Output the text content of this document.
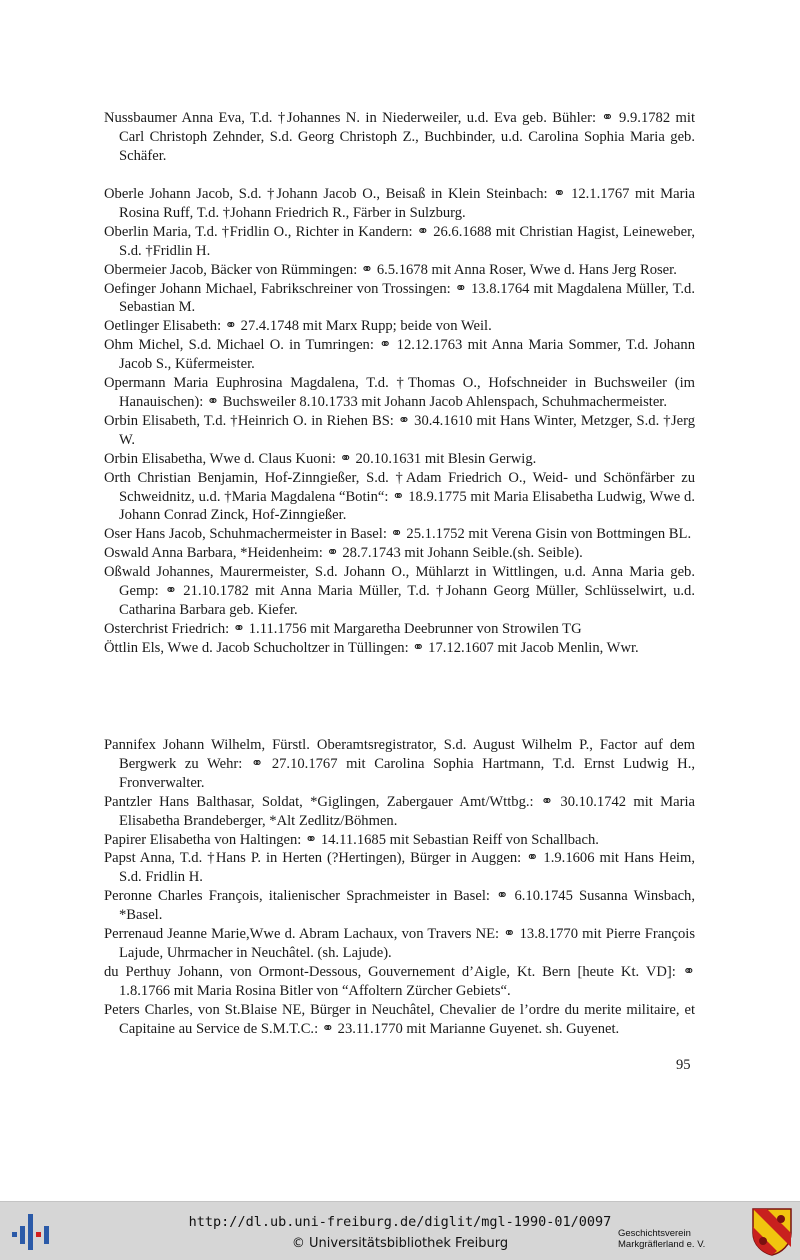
Nussbaumer Anna Eva, T.d. †Johannes N. in Niederweiler, u.d. Eva geb. Bühler: ⚭ 9.9.1782 mit Carl Christoph Zehnder, S.d. Georg Christoph Z., Buchbinder, u.d. Carolina Sophia Maria geb. Schäfer.

Oberle Johann Jacob, S.d. †Johann Jacob O., Beisaß in Klein Steinbach: ⚭ 12.1.1767 mit Maria Rosina Ruff, T.d. †Johann Friedrich R., Färber in Sulzburg.

Oberlin Maria, T.d. †Fridlin O., Richter in Kandern: ⚭ 26.6.1688 mit Christian Hagist, Leineweber, S.d. †Fridlin H.

Obermeier Jacob, Bäcker von Rümmingen: ⚭ 6.5.1678 mit Anna Roser, Wwe d. Hans Jerg Roser.

Oefinger Johann Michael, Fabrikschreiner von Trossingen: ⚭ 13.8.1764 mit Magdalena Müller, T.d. Sebastian M.

Oetlinger Elisabeth: ⚭ 27.4.1748 mit Marx Rupp; beide von Weil.

Ohm Michel, S.d. Michael O. in Tumringen: ⚭ 12.12.1763 mit Anna Maria Sommer, T.d. Johann Jacob S., Küfermeister.

Opermann Maria Euphrosina Magdalena, T.d. †Thomas O., Hofschneider in Buchsweiler (im Hanauischen): ⚭ Buchsweiler 8.10.1733 mit Johann Jacob Ahlenspach, Schuhmachermeister.

Orbin Elisabeth, T.d. †Heinrich O. in Riehen BS: ⚭ 30.4.1610 mit Hans Winter, Metzger, S.d. †Jerg W.

Orbin Elisabetha, Wwe d. Claus Kuoni: ⚭ 20.10.1631 mit Blesin Gerwig.

Orth Christian Benjamin, Hof-Zinngießer, S.d. †Adam Friedrich O., Weid- und Schönfärber zu Schweidnitz, u.d. †Maria Magdalena “Botin“: ⚭ 18.9.1775 mit Maria Elisabetha Ludwig, Wwe d. Johann Conrad Zinck, Hof-Zinngießer.

Oser Hans Jacob, Schuhmachermeister in Basel: ⚭ 25.1.1752 mit Verena Gisin von Bottmingen BL.

Oswald Anna Barbara, *Heidenheim: ⚭ 28.7.1743 mit Johann Seible.(sh. Seible).

Oßwald Johannes, Maurermeister, S.d. Johann O., Mühlarzt in Wittlingen, u.d. Anna Maria geb. Gemp: ⚭ 21.10.1782 mit Anna Maria Müller, T.d. †Johann Georg Müller, Schlüsselwirt, u.d. Catharina Barbara geb. Kiefer.

Osterchrist Friedrich: ⚭ 1.11.1756 mit Margaretha Deebrunner von Strowilen TG

Öttlin Els, Wwe d. Jacob Schucholtzer in Tüllingen: ⚭ 17.12.1607 mit Jacob Menlin, Wwr.

Pannifex Johann Wilhelm, Fürstl. Oberamtsregistrator, S.d. August Wilhelm P., Factor auf dem Bergwerk zu Wehr: ⚭ 27.10.1767 mit Carolina Sophia Hartmann, T.d. Ernst Ludwig H., Fronverwalter.

Pantzler Hans Balthasar, Soldat, *Giglingen, Zabergauer Amt/Wttbg.: ⚭ 30.10.1742 mit Maria Elisabetha Brandeberger, *Alt Zedlitz/Böhmen.

Papirer Elisabetha von Haltingen: ⚭ 14.11.1685 mit Sebastian Reiff von Schallbach.

Papst Anna, T.d. †Hans P. in Herten (?Hertingen), Bürger in Auggen: ⚭ 1.9.1606 mit Hans Heim, S.d. Fridlin H.

Peronne Charles François, italienischer Sprachmeister in Basel: ⚭ 6.10.1745 Susanna Winsbach, *Basel.

Perrenaud Jeanne Marie,Wwe d. Abram Lachaux, von Travers NE: ⚭ 13.8.1770 mit Pierre François Lajude, Uhrmacher in Neuchâtel. (sh. Lajude).

du Perthuy Johann, von Ormont-Dessous, Gouvernement d’Aigle, Kt. Bern [heute Kt. VD]: ⚭ 1.8.1766 mit Maria Rosina Bitler von “Affoltern Zürcher Gebiets“.

Peters Charles, von St.Blaise NE, Bürger in Neuchâtel, Chevalier de l’ordre du merite militaire, et Capitaine au Service de S.M.T.C.: ⚭ 23.11.1770 mit Marianne Guyenet. sh. Guyenet.

95
http://dl.ub.uni-freiburg.de/diglit/mgl-1990-01/0097
© Universitätsbibliothek Freiburg
Geschichtsverein
Markgräflerland e. V.
